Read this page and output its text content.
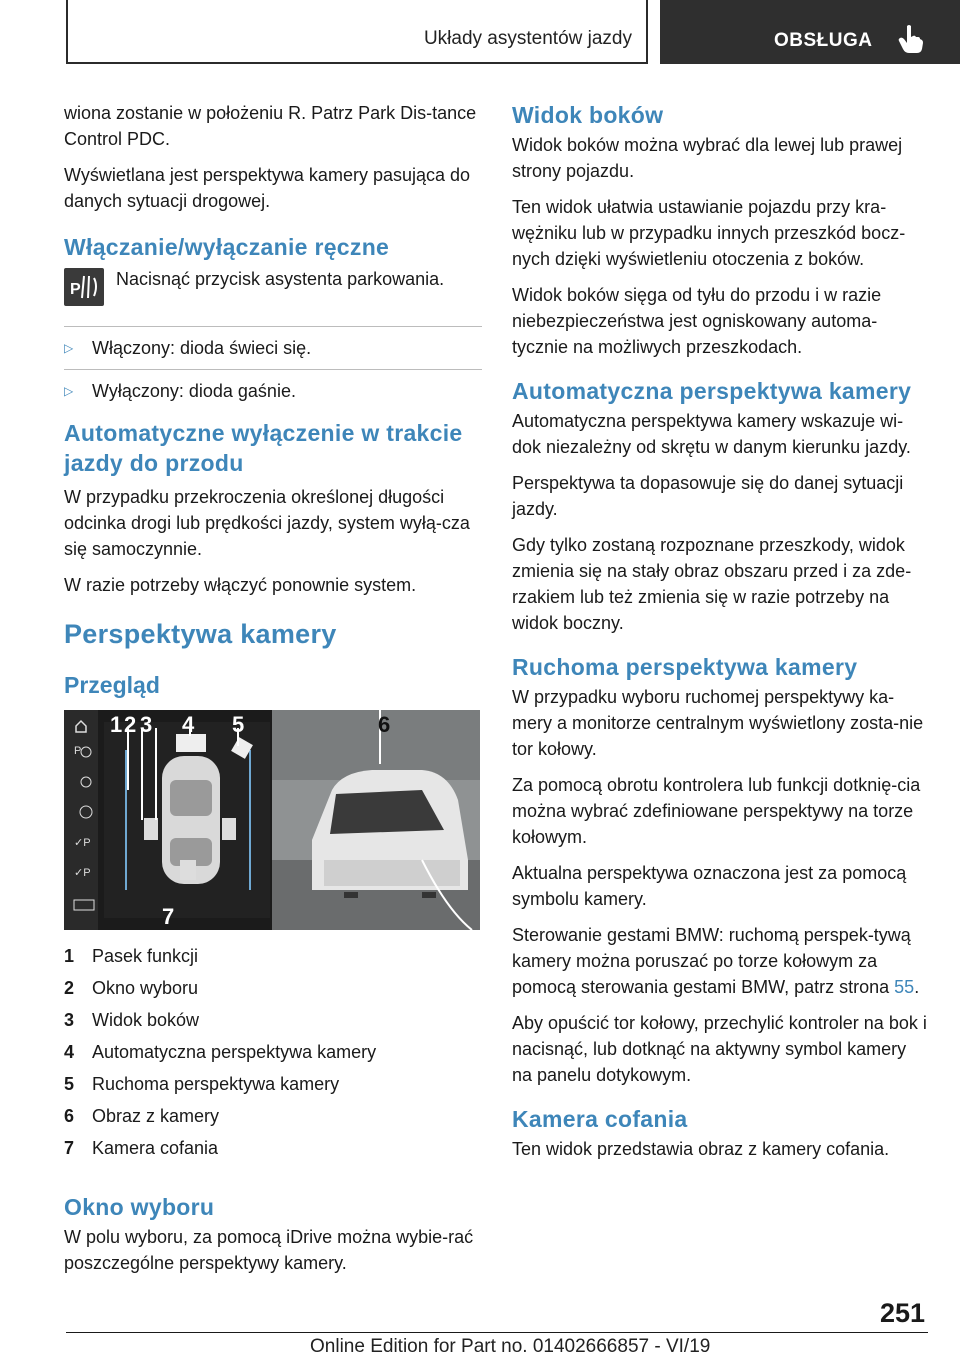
Układy asystentów jazdy	OBSŁUGA

wiona zostanie w położeniu R. Patrz Park Dis-tance Control PDC.

Wyświetlana jest perspektywa kamery pasująca do danych sytuacji drogowej.

Włączanie/wyłączanie ręczne
P

Nacisnąć przycisk asystenta parkowania.

▷	Włączony: dioda świeci się.
▷	Wyłączony: dioda gaśnie.
Automatyczne wyłączenie w trakcie jazdy do przodu

W przypadku przekroczenia określonej długości odcinka drogi lub prędkości jazdy, system wyłą-cza się samoczynnie.

W razie potrzeby włączyć ponownie system.

Perspektywa kamery
Przegląd
P
✓P
✓P
1 2 3 4 5	6
7
1 Pasek funkcji
2 Okno wyboru
3 Widok boków
4 Automatyczna perspektywa kamery
5 Ruchoma perspektywa kamery
6 Obraz z kamery
7 Kamera cofania
Okno wyboru

W polu wyboru, za pomocą iDrive można wybie-rać poszczególne perspektywy kamery.

Widok boków

Widok boków można wybrać dla lewej lub prawej strony pojazdu.

Ten widok ułatwia ustawianie pojazdu przy kra-wężniku lub w przypadku innych przeszkód bocz-nych dzięki wyświetleniu otoczenia z boków.

Widok boków sięga od tyłu do przodu i w razie niebezpieczeństwa jest ogniskowany automa-tycznie na możliwych przeszkodach.

Automatyczna perspektywa kamery

Automatyczna perspektywa kamery wskazuje wi-dok niezależny od skrętu w danym kierunku jazdy.

Perspektywa ta dopasowuje się do danej sytuacji jazdy.

Gdy tylko zostaną rozpoznane przeszkody, widok zmienia się na stały obraz obszaru przed i za zde-rzakiem lub też zmienia się w razie potrzeby na widok boczny.

Ruchoma perspektywa kamery

W przypadku wyboru ruchomej perspektywy ka-mery a monitorze centralnym wyświetlony zosta-nie tor kołowy.

Za pomocą obrotu kontrolera lub funkcji dotknię-cia można wybrać zdefiniowane perspektywy na torze kołowym.

Aktualna perspektywa oznaczona jest za pomocą symbolu kamery.

Sterowanie gestami BMW: ruchomą perspek-tywą kamery można poruszać po torze kołowym za pomocą sterowania gestami BMW, patrz strona 55.

Aby opuścić tor kołowy, przechylić kontroler na bok i nacisnąć, lub dotknąć na aktywny symbol kamery na panelu dotykowym.

Kamera cofania

Ten widok przedstawia obraz z kamery cofania.

251
Online Edition for Part no. 01402666857 - VI/19
